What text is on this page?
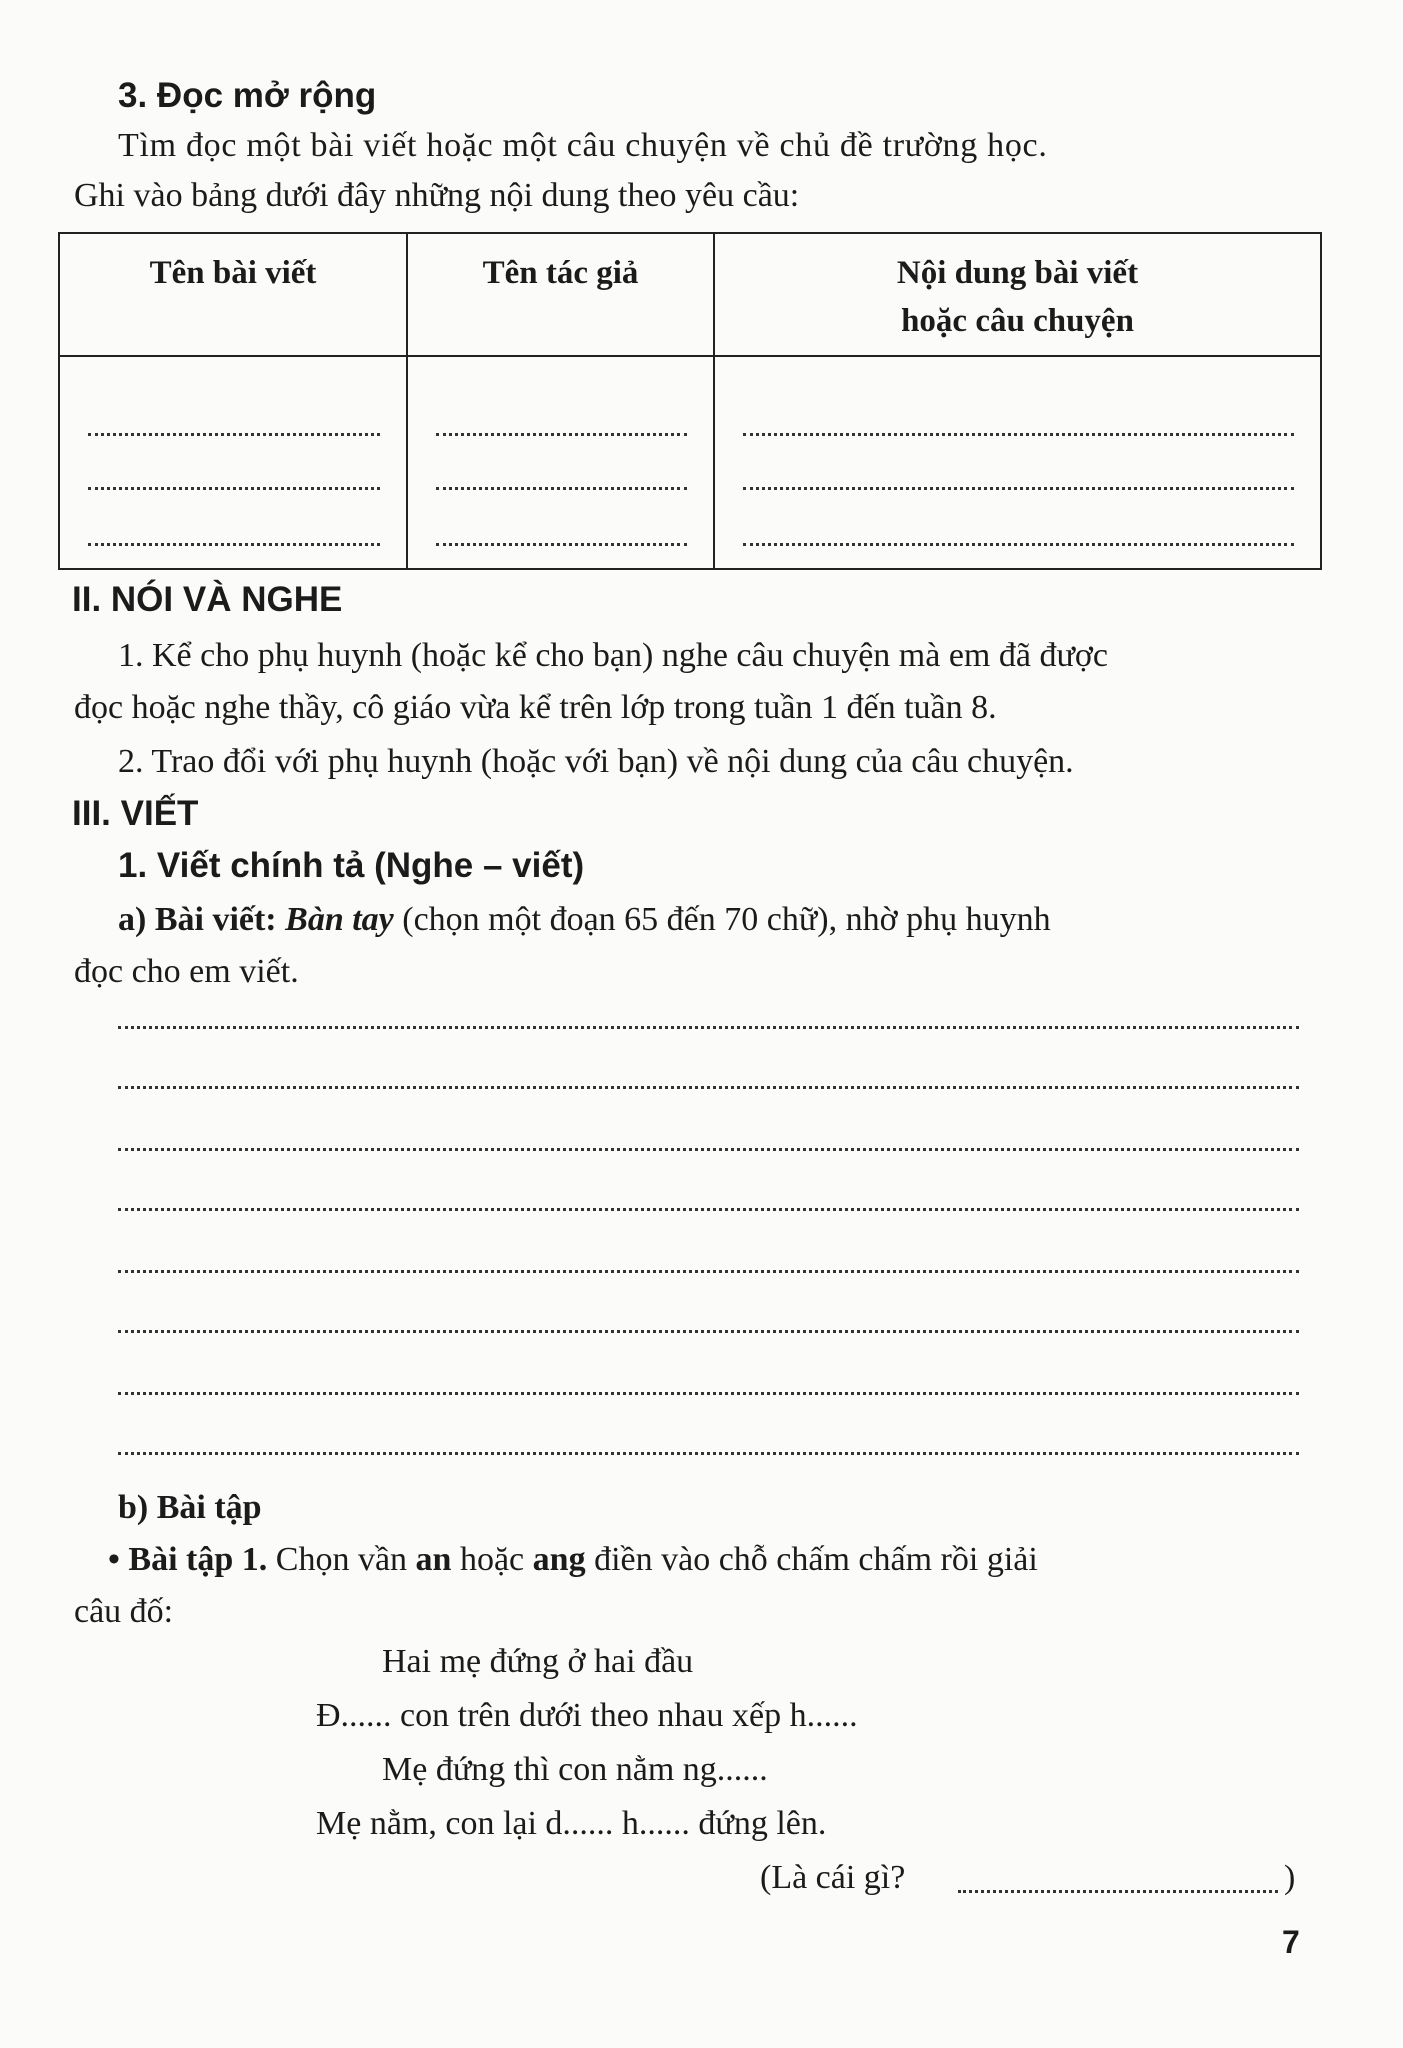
3. Đọc mở rộng
Tìm đọc một bài viết hoặc một câu chuyện về chủ đề trường học.
Ghi vào bảng dưới đây những nội dung theo yêu cầu:
Tên bài viết	Tên tác giả	Nội dung bài viết
hoặc câu chuyện

II. NÓI VÀ NGHE
1. Kể cho phụ huynh (hoặc kể cho bạn) nghe câu chuyện mà em đã được
đọc hoặc nghe thầy, cô giáo vừa kể trên lớp trong tuần 1 đến tuần 8.
2. Trao đổi với phụ huynh (hoặc với bạn) về nội dung của câu chuyện.
III. VIẾT
1. Viết chính tả (Nghe – viết)
a) Bài viết: Bàn tay (chọn một đoạn 65 đến 70 chữ), nhờ phụ huynh
đọc cho em viết.
b) Bài tập
• Bài tập 1. Chọn vần an hoặc ang điền vào chỗ chấm chấm rồi giải
câu đố:
Hai mẹ đứng ở hai đầu
Đ...... con trên dưới theo nhau xếp h......
Mẹ đứng thì con nằm ng......
Mẹ nằm, con lại d...... h...... đứng lên.
(Là cái gì?	)
7
